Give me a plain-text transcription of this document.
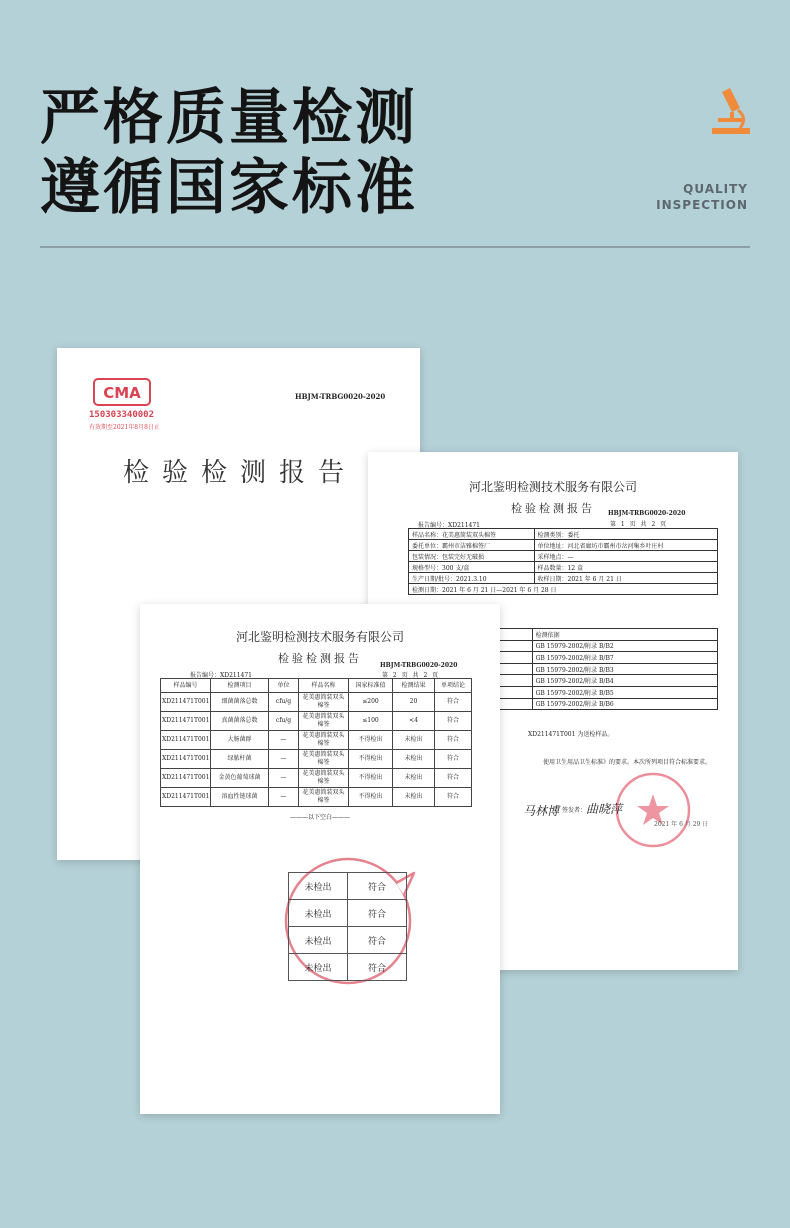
严格质量检测
遵循国家标准	QUALITY
INSPECTION
CMA
150303340002
有效期至2021年8月8日止
HBJM-TRBG0020-2020
检验检测报告	河北鉴明检测技术服务有限公司
检验检测报告	HBJM-TRBG0020-2020
第 1 页 共 2 页
报告编号：XD211471
样品名称：花美惠简装双头棉签	检测类别：委托
委托单位：霸州市洁雅棉签厂	单位地址：河北省廊坊市霸州市岔河集乡叶庄村
包装情况：包装完好无破损	采样地点：—
规格型号：300 支/盒	样品数量：12 盒
生产日期/批号：2021.3.10	收样日期：2021 年 6 月 21 日
检测日期：2021 年 6 月 21 日—2021 年 6 月 28 日	
	检测依据
	GB 15979-2002/附录 B/B2
	GB 15979-2002/附录 B/B7
	GB 15979-2002/附录 B/B3
	GB 15979-2002/附录 B/B4
	GB 15979-2002/附录 B/B5
	GB 15979-2002/附录 B/B6
XD211471T001 为送检样品。
使用卫生用品卫生标准》的要求。本次所列项目符合标准要求。
马林博 签发者： 曲晓萍
2021 年 6 月 29 日
河北鉴明检测技术服务有限公司
检验检测报告
HBJM-TRBG0020-2020
第 2 页 共 2 页
报告编号：XD211471
样品编号	检测项目	单位	样品名称	国家标准值	检测结果	单项结论
XD211471T001	细菌菌落总数	cfu/g	花美惠简装双头棉签	≤200	20	符合
XD211471T001	真菌菌落总数	cfu/g	花美惠简装双头棉签	≤100	<4	符合
XD211471T001	大肠菌群	—	花美惠简装双头棉签	不得检出	未检出	符合
XD211471T001	绿脓杆菌	—	花美惠简装双头棉签	不得检出	未检出	符合
XD211471T001	金黄色葡萄球菌	—	花美惠简装双头棉签	不得检出	未检出	符合
XD211471T001	溶血性链球菌	—	花美惠简装双头棉签	不得检出	未检出	符合
———以下空白———
未检出	符合
未检出	符合
未检出	符合
未检出	符合
